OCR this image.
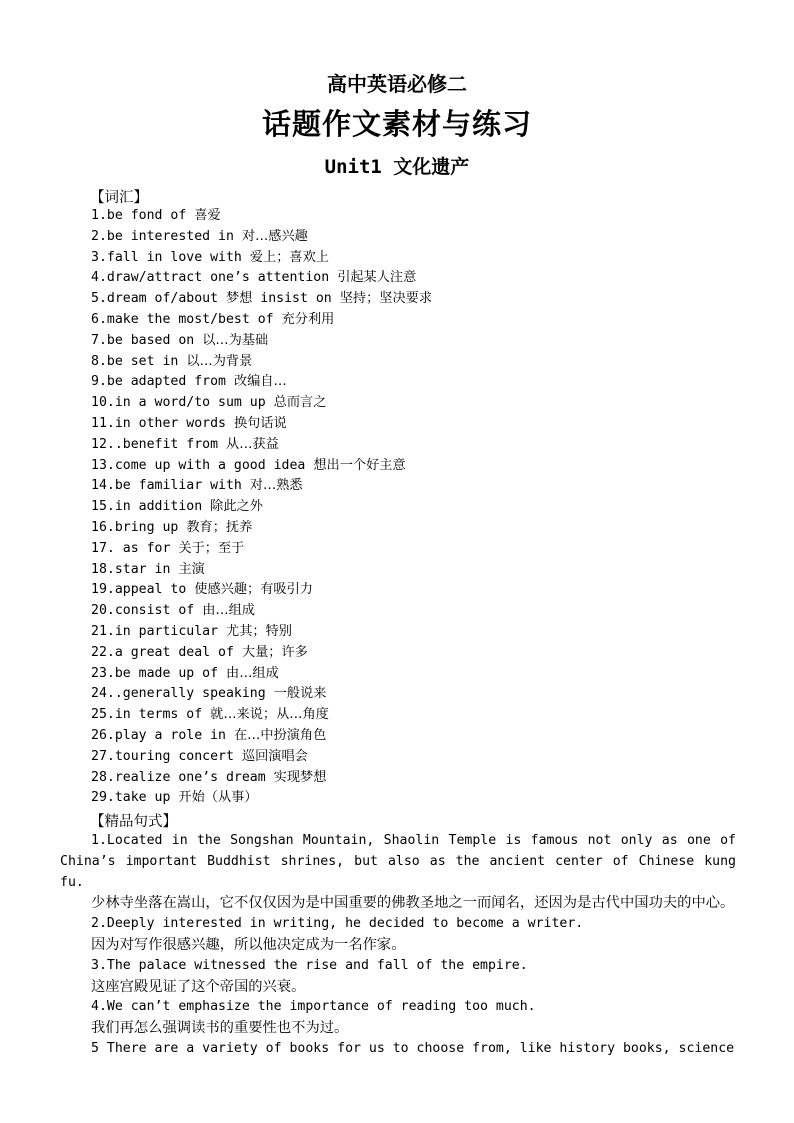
高中英语必修二
话题作文素材与练习
Unit1 文化遗产
【词汇】
1.be fond of 喜爱
2.be interested in 对…感兴趣
3.fall in love with 爱上；喜欢上
4.draw/attract one’s attention 引起某人注意
5.dream of/about 梦想 insist on 坚持；坚决要求
6.make the most/best of 充分利用
7.be based on 以…为基础
8.be set in 以…为背景
9.be adapted from 改编自…
10.in a word/to sum up 总而言之
11.in other words 换句话说
12..benefit from 从…获益
13.come up with a good idea 想出一个好主意
14.be familiar with 对…熟悉
15.in addition 除此之外
16.bring up 教育；抚养
17. as for 关于；至于
18.star in 主演
19.appeal to 使感兴趣；有吸引力
20.consist of 由…组成
21.in particular 尤其；特别
22.a great deal of 大量；许多
23.be made up of 由…组成
24..generally speaking 一般说来
25.in terms of 就…来说；从…角度
26.play a role in 在…中扮演角色
27.touring concert 巡回演唱会
28.realize one’s dream 实现梦想
29.take up 开始（从事）
【精品句式】

1.Located in the Songshan Mountain, Shaolin Temple is famous not only as one of China’s important Buddhist shrines, but also as the ancient center of Chinese kung fu.

少林寺坐落在嵩山，它不仅仅因为是中国重要的佛教圣地之一而闻名，还因为是古代中国功夫的中心。

2.Deeply interested in writing, he decided to become a writer.

因为对写作很感兴趣，所以他决定成为一名作家。

3.The palace witnessed the rise and fall of the empire.

这座宫殿见证了这个帝国的兴衰。

4.We can’t emphasize the importance of reading too much.

我们再怎么强调读书的重要性也不为过。

5 There are a variety of books for us to choose from, like history books, science
